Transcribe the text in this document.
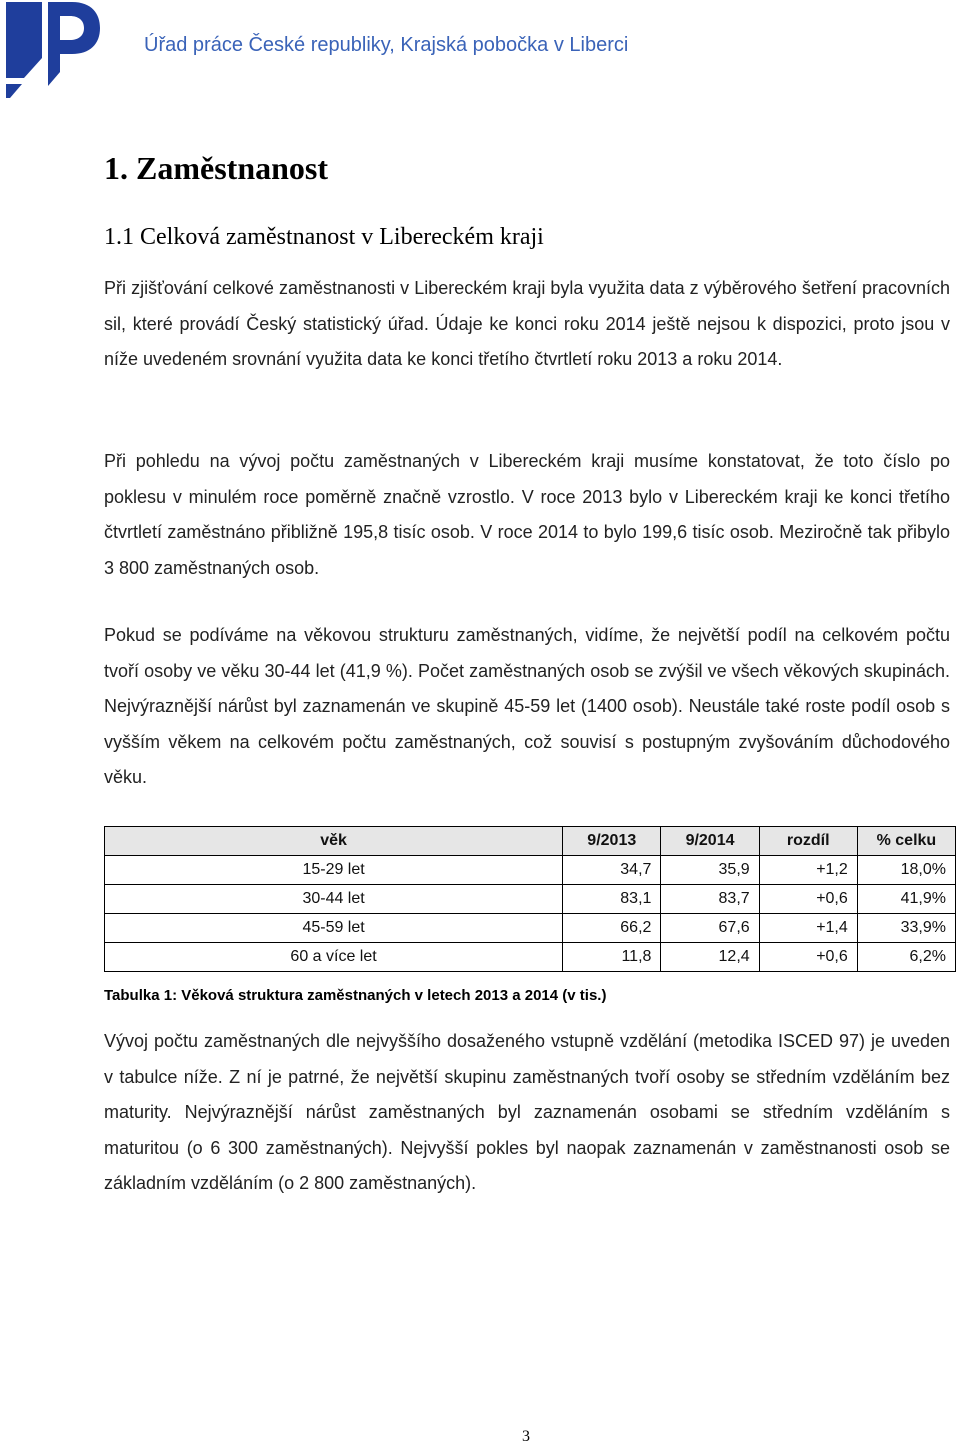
Úřad práce České republiky, Krajská pobočka v Liberci
1. Zaměstnanost
1.1 Celková zaměstnanost v Libereckém kraji

Při zjišťování celkové zaměstnanosti v Libereckém kraji byla využita data z výběrového šetření pracovních sil, které provádí Český statistický úřad. Údaje ke konci roku 2014 ještě nejsou k dispozici, proto jsou v níže uvedeném srovnání využita data ke konci třetího čtvrtletí roku 2013 a roku 2014.

Při pohledu na vývoj počtu zaměstnaných v Libereckém kraji musíme konstatovat, že toto číslo po poklesu v minulém roce poměrně značně vzrostlo. V roce 2013 bylo v Libereckém kraji ke konci třetího čtvrtletí zaměstnáno přibližně 195,8 tisíc osob. V roce 2014 to bylo 199,6 tisíc osob. Meziročně tak přibylo 3 800 zaměstnaných osob.

Pokud se podíváme na věkovou strukturu zaměstnaných, vidíme, že největší podíl na celkovém počtu tvoří osoby ve věku 30-44 let (41,9 %). Počet zaměstnaných osob se zvýšil ve všech věkových skupinách. Nejvýraznější nárůst byl zaznamenán ve skupině 45-59 let (1400 osob). Neustále také roste podíl osob s vyšším věkem na celkovém počtu zaměstnaných, což souvisí s postupným zvyšováním důchodového věku.

věk	9/2013	9/2014	rozdíl	% celku
15-29 let	34,7	35,9	+1,2	18,0%
30-44 let	83,1	83,7	+0,6	41,9%
45-59 let	66,2	67,6	+1,4	33,9%
60 a více let	11,8	12,4	+0,6	6,2%
Tabulka 1: Věková struktura zaměstnaných v letech 2013 a 2014 (v tis.)

Vývoj počtu zaměstnaných dle nejvyššího dosaženého vstupně vzdělání (metodika ISCED 97) je uveden v tabulce níže. Z ní je patrné, že největší skupinu zaměstnaných tvoří osoby se středním vzděláním bez maturity. Nejvýraznější nárůst zaměstnaných byl zaznamenán osobami se středním vzděláním s maturitou (o 6 300 zaměstnaných). Nejvyšší pokles byl naopak zaznamenán v zaměstnanosti osob se základním vzděláním (o 2 800 zaměstnaných).

3
